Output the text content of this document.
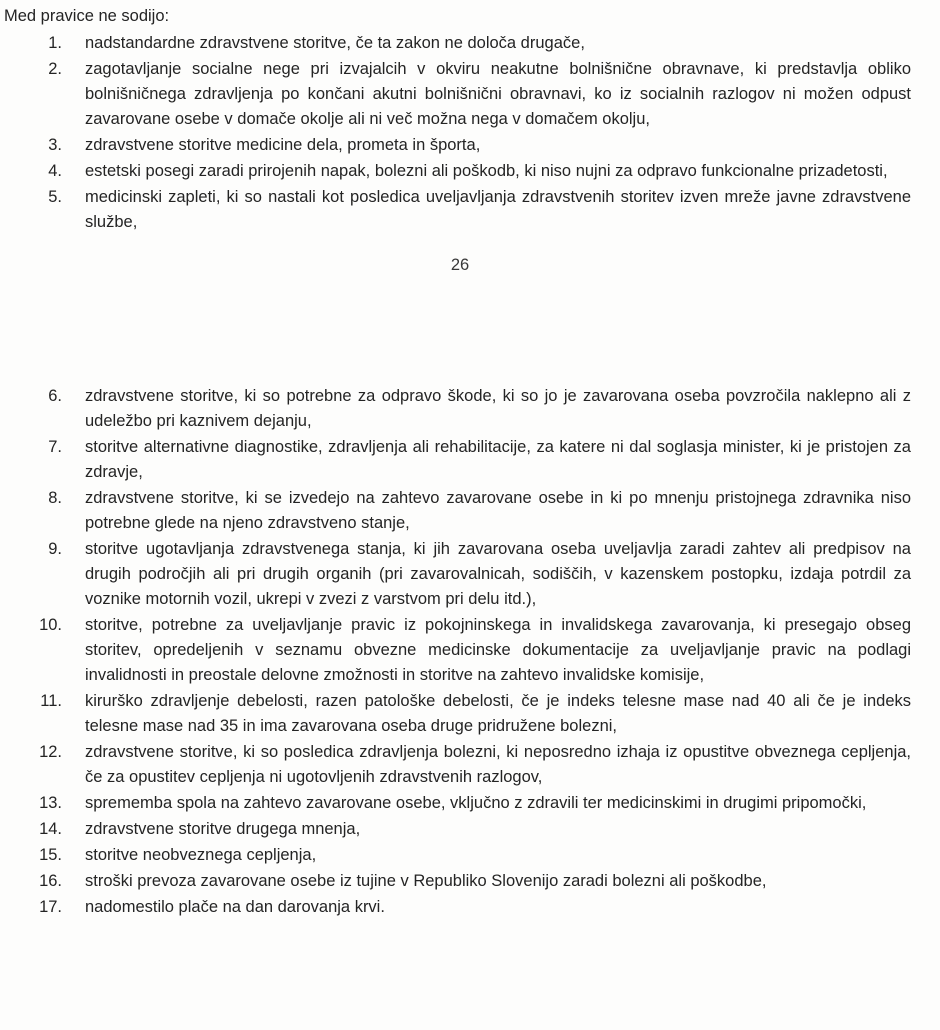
Med pravice ne sodijo:
1. nadstandardne zdravstvene storitve, če ta zakon ne določa drugače,
2. zagotavljanje socialne nege pri izvajalcih v okviru neakutne bolnišnične obravnave, ki predstavlja obliko bolnišničnega zdravljenja po končani akutni bolnišnični obravnavi, ko iz socialnih razlogov ni možen odpust zavarovane osebe v domače okolje ali ni več možna nega v domačem okolju,
3. zdravstvene storitve medicine dela, prometa in športa,
4. estetski posegi zaradi prirojenih napak, bolezni ali poškodb, ki niso nujni za odpravo funkcionalne prizadetosti,
5. medicinski zapleti, ki so nastali kot posledica uveljavljanja zdravstvenih storitev izven mreže javne zdravstvene službe,
26
6. zdravstvene storitve, ki so potrebne za odpravo škode, ki so jo je zavarovana oseba povzročila naklepno ali z udeležbo pri kaznivem dejanju,
7. storitve alternativne diagnostike, zdravljenja ali rehabilitacije, za katere ni dal soglasja minister, ki je pristojen za zdravje,
8. zdravstvene storitve, ki se izvedejo na zahtevo zavarovane osebe in ki po mnenju pristojnega zdravnika niso potrebne glede na njeno zdravstveno stanje,
9. storitve ugotavljanja zdravstvenega stanja, ki jih zavarovana oseba uveljavlja zaradi zahtev ali predpisov na drugih področjih ali pri drugih organih (pri zavarovalnicah, sodiščih, v kazenskem postopku, izdaja potrdil za voznike motornih vozil, ukrepi v zvezi z varstvom pri delu itd.),
10. storitve, potrebne za uveljavljanje pravic iz pokojninskega in invalidskega zavarovanja, ki presegajo obseg storitev, opredeljenih v seznamu obvezne medicinske dokumentacije za uveljavljanje pravic na podlagi invalidnosti in preostale delovne zmožnosti in storitve na zahtevo invalidske komisije,
11. kirurško zdravljenje debelosti, razen patološke debelosti, če je indeks telesne mase nad 40 ali če je indeks telesne mase nad 35 in ima zavarovana oseba druge pridružene bolezni,
12. zdravstvene storitve, ki so posledica zdravljenja bolezni, ki neposredno izhaja iz opustitve obveznega cepljenja, če za opustitev cepljenja ni ugotovljenih zdravstvenih razlogov,
13. sprememba spola na zahtevo zavarovane osebe, vključno z zdravili ter medicinskimi in drugimi pripomočki,
14. zdravstvene storitve drugega mnenja,
15. storitve neobveznega cepljenja,
16. stroški prevoza zavarovane osebe iz tujine v Republiko Slovenijo zaradi bolezni ali poškodbe,
17. nadomestilo plače na dan darovanja krvi.
